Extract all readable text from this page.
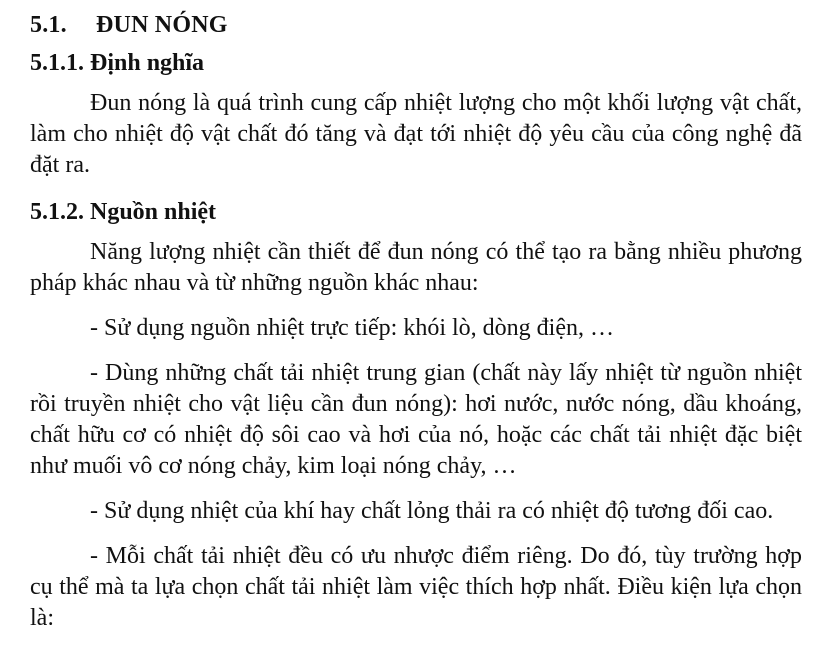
5.1. ĐUN NÓNG
5.1.1. Định nghĩa

Đun nóng là quá trình cung cấp nhiệt lượng cho một khối lượng vật chất, làm cho nhiệt độ vật chất đó tăng và đạt tới nhiệt độ yêu cầu của công nghệ đã đặt ra.

5.1.2. Nguồn nhiệt

Năng lượng nhiệt cần thiết để đun nóng có thể tạo ra bằng nhiều phương pháp khác nhau và từ những nguồn khác nhau:

- Sử dụng nguồn nhiệt trực tiếp: khói lò, dòng điện, …

- Dùng những chất tải nhiệt trung gian (chất này lấy nhiệt từ nguồn nhiệt rồi truyền nhiệt cho vật liệu cần đun nóng): hơi nước, nước nóng, dầu khoáng, chất hữu cơ có nhiệt độ sôi cao và hơi của nó, hoặc các chất tải nhiệt đặc biệt như muối vô cơ nóng chảy, kim loại nóng chảy, …

- Sử dụng nhiệt của khí hay chất lỏng thải ra có nhiệt độ tương đối cao.

- Mỗi chất tải nhiệt đều có ưu nhược điểm riêng. Do đó, tùy trường hợp cụ thể mà ta lựa chọn chất tải nhiệt làm việc thích hợp nhất. Điều kiện lựa chọn là:
